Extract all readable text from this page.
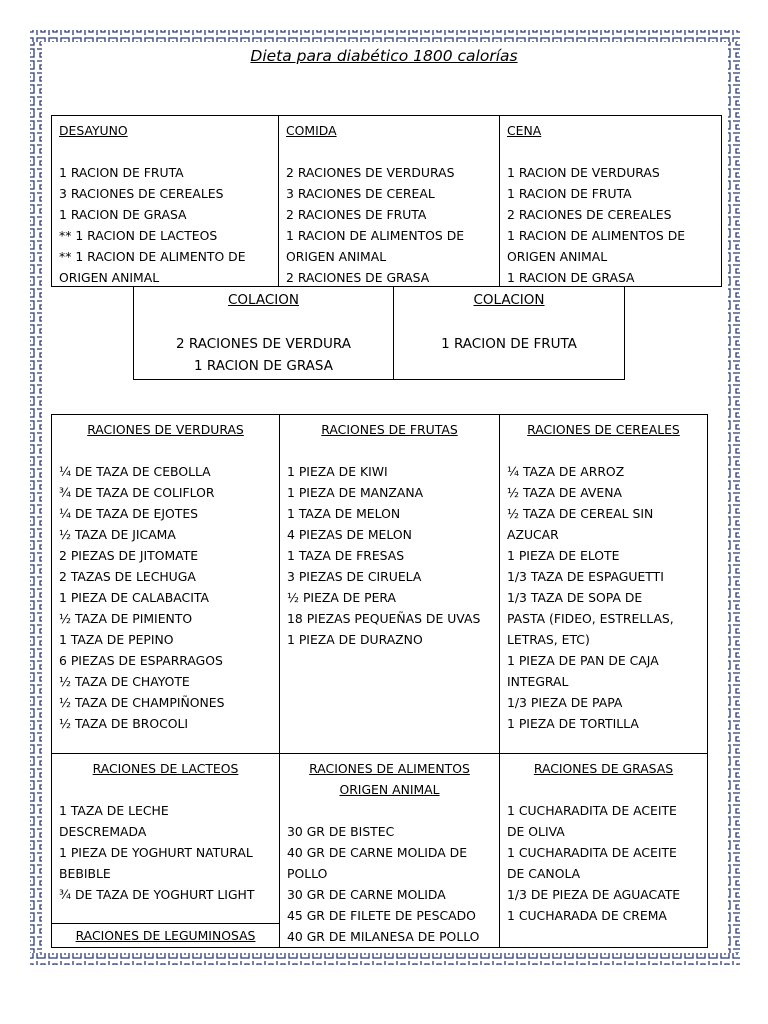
Dieta para diabético 1800 calorías
DESAYUNO
1 RACION DE FRUTA
3 RACIONES DE CEREALES
1 RACION DE GRASA
** 1 RACION DE LACTEOS
** 1 RACION DE ALIMENTO DE
ORIGEN ANIMAL
COMIDA
2 RACIONES DE VERDURAS
3 RACIONES DE CEREAL
2 RACIONES DE FRUTA
1 RACION DE ALIMENTOS DE
ORIGEN ANIMAL
2 RACIONES DE GRASA
CENA
1 RACION DE VERDURAS
1 RACION DE FRUTA
2 RACIONES DE CEREALES
1 RACION DE ALIMENTOS DE
ORIGEN ANIMAL
1 RACION DE GRASA
COLACION
2 RACIONES DE VERDURA
1 RACION DE GRASA
COLACION
1 RACION DE FRUTA
RACIONES DE VERDURAS
¼ DE TAZA DE CEBOLLA
¾ DE TAZA DE COLIFLOR
¼ DE TAZA DE EJOTES
½ TAZA DE JICAMA
2 PIEZAS DE JITOMATE
2 TAZAS DE LECHUGA
1 PIEZA DE CALABACITA
½ TAZA DE PIMIENTO
1 TAZA DE PEPINO
6 PIEZAS DE ESPARRAGOS
½ TAZA DE CHAYOTE
½ TAZA DE CHAMPIÑONES
½ TAZA DE BROCOLI
RACIONES DE FRUTAS
1 PIEZA DE KIWI
1 PIEZA DE MANZANA
1 TAZA DE MELON
4 PIEZAS DE MELON
1 TAZA DE FRESAS
3 PIEZAS DE CIRUELA
½ PIEZA DE PERA
18 PIEZAS PEQUEÑAS DE UVAS
1 PIEZA DE DURAZNO
RACIONES DE CEREALES
¼ TAZA DE ARROZ
½ TAZA DE AVENA
½ TAZA DE CEREAL SIN
AZUCAR
1 PIEZA DE ELOTE
1/3 TAZA DE ESPAGUETTI
1/3 TAZA DE SOPA DE
PASTA (FIDEO, ESTRELLAS,
LETRAS, ETC)
1 PIEZA DE PAN DE CAJA
INTEGRAL
1/3 PIEZA DE PAPA
1 PIEZA DE TORTILLA
RACIONES DE LACTEOS
1 TAZA DE LECHE
DESCREMADA
1 PIEZA DE YOGHURT NATURAL
BEBIBLE
¾ DE TAZA DE YOGHURT LIGHT
RACIONES DE LEGUMINOSAS
RACIONES DE ALIMENTOS
ORIGEN ANIMAL
30 GR DE BISTEC
40 GR DE CARNE MOLIDA DE
POLLO
30 GR DE CARNE MOLIDA
45 GR DE FILETE DE PESCADO
40 GR DE MILANESA DE POLLO
RACIONES DE GRASAS
1 CUCHARADITA DE ACEITE
DE OLIVA
1 CUCHARADITA DE ACEITE
DE CANOLA
1/3 DE PIEZA DE AGUACATE
1 CUCHARADA DE CREMA
